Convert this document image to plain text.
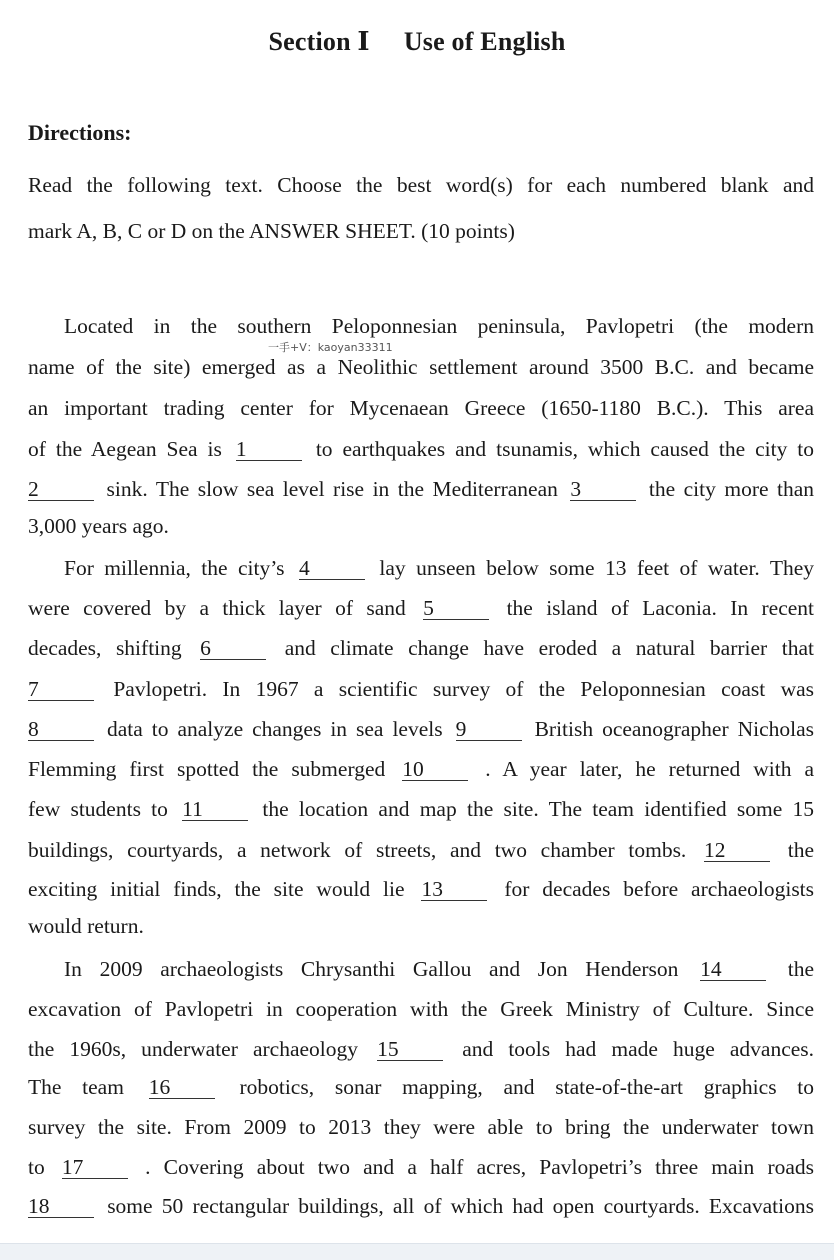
Section Ⅰ Use of English
Directions:
Read the following text. Choose the best word(s) for each numbered blank and
mark A, B, C or D on the ANSWER SHEET. (10 points)
Located in the southern Peloponnesian peninsula, Pavlopetri (the modern
一手+V：kaoyan33311
name of the site) emerged as a Neolithic settlement around 3500 B.C. and became
an important trading center for Mycenaean Greece (1650-1180 B.C.). This area
of the Aegean Sea is 1	to earthquakes and tsunamis, which caused the city to
2	sink. The slow sea level rise in the Mediterranean 3	the city more than
3,000 years ago.
For millennia, the city’s 4	lay unseen below some 13 feet of water. They
were covered by a thick layer of sand 5	the island of Laconia. In recent
decades, shifting 6	and climate change have eroded a natural barrier that
7	Pavlopetri. In 1967 a scientific survey of the Peloponnesian coast was
8	data to analyze changes in sea levels 9	British oceanographer Nicholas
Flemming first spotted the submerged 10	. A year later, he returned with a
few students to 11	the location and map the site. The team identified some 15
buildings, courtyards, a network of streets, and two chamber tombs. 12	the
exciting initial finds, the site would lie 13	for decades before archaeologists
would return.
In 2009 archaeologists Chrysanthi Gallou and Jon Henderson 14	the
excavation of Pavlopetri in cooperation with the Greek Ministry of Culture. Since
the 1960s, underwater archaeology 15	and tools had made huge advances.
The team 16	robotics, sonar mapping, and state-of-the-art graphics to
survey the site. From 2009 to 2013 they were able to bring the underwater town
to 17	. Covering about two and a half acres, Pavlopetri’s three main roads
18	some 50 rectangular buildings, all of which had open courtyards. Excavations
